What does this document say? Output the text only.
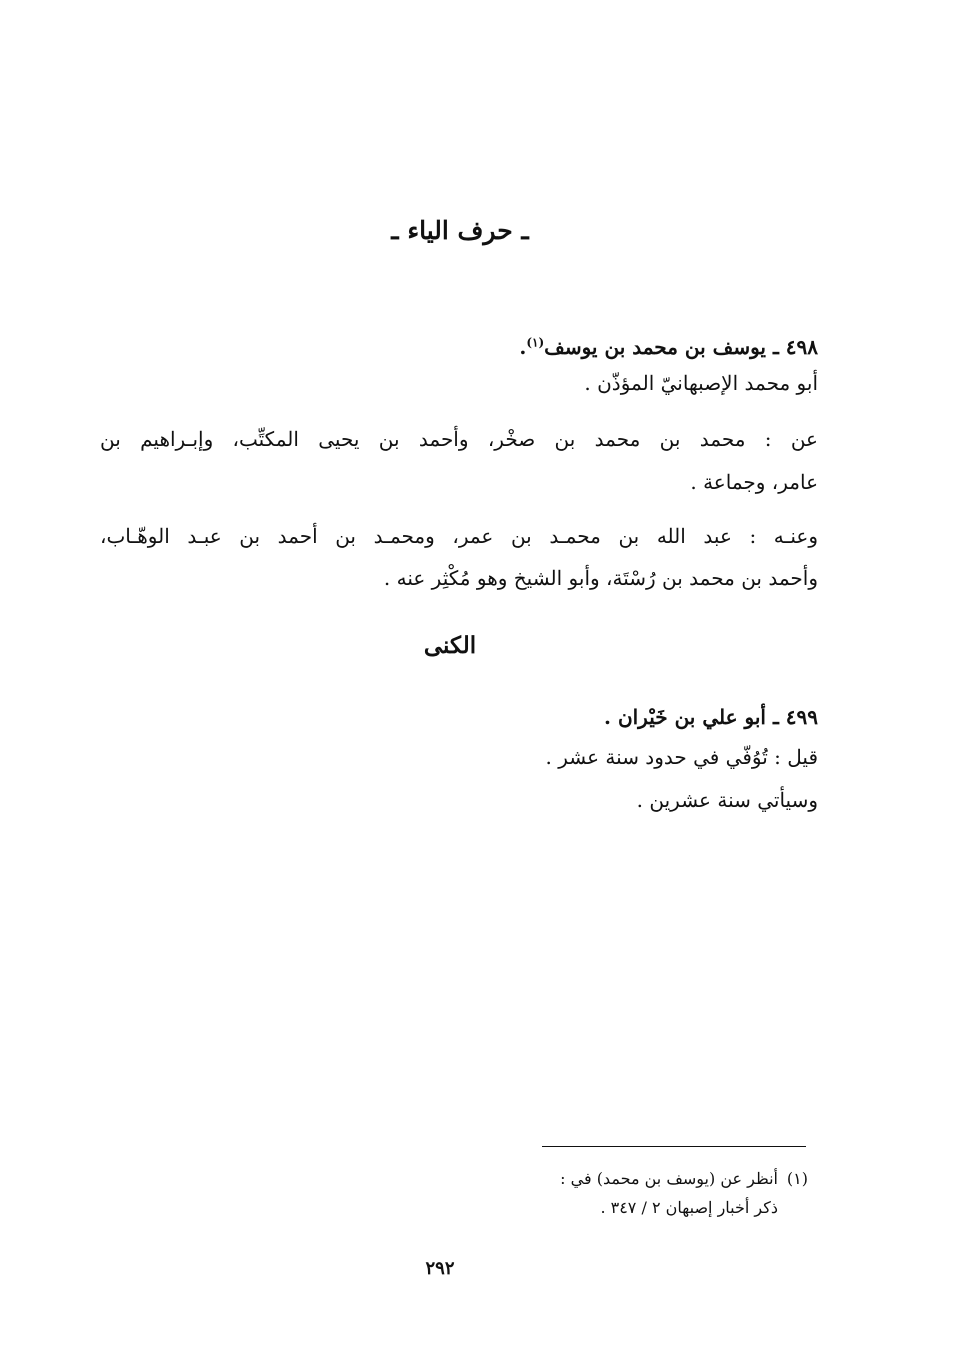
ـ حرف الياء ـ

٤٩٨ ـ يوسف بن محمد بن يوسف$^{(١)}$.

أبو محمد الإصبهانيّ المؤذّن .

عن : محمد بن محمد بن صخْر، وأحمد بن يحيى المكتِّب، وإبـراهيم بن

عامر، وجماعة .

وعنـه : عبد الله بن محمـد بن عمر، ومحمـد بن أحمد بن عبـد الوهّـاب،

وأحمد بن محمد بن رُسْتَة، وأبو الشيخ وهو مُكْثِر عنه .

الكنى

٤٩٩ ـ أبو علي بن خَيْران .

قيل : تُوُفّي في حدود سنة عشر .

وسيأتي سنة عشرين .

(١)أنظر عن (يوسف بن محمد) في :

ذكر أخبار إصبهان ٢ / ٣٤٧ .

٢٩٢
